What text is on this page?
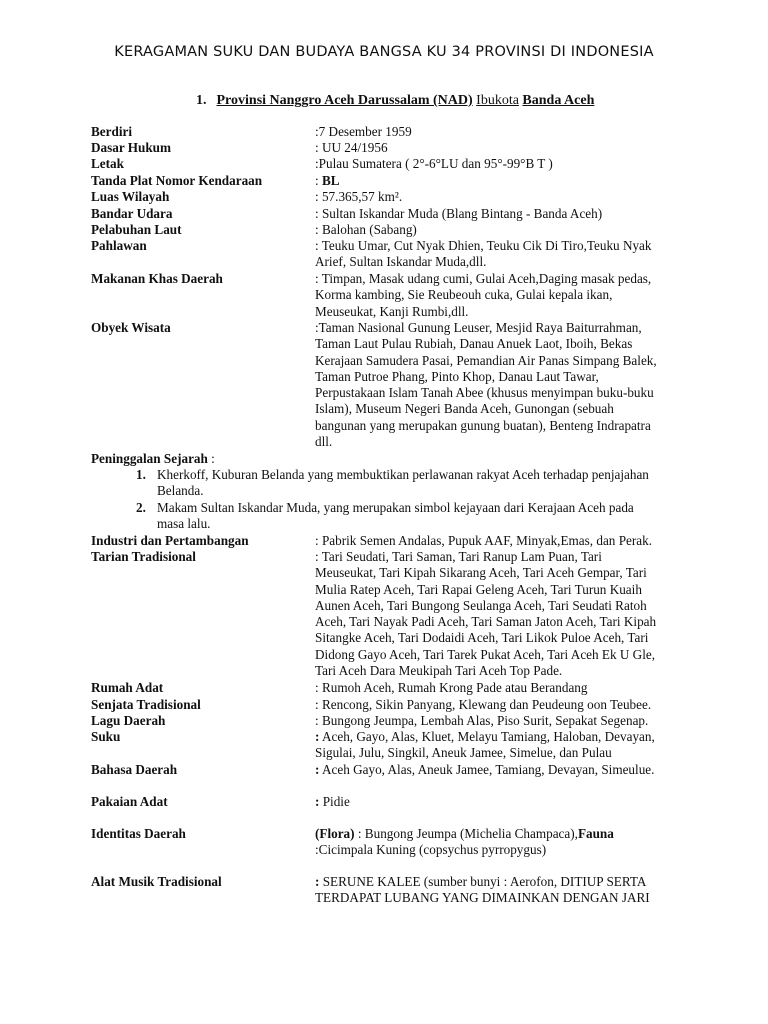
KERAGAMAN SUKU DAN BUDAYA BANGSA KU 34 PROVINSI DI INDONESIA
1. Provinsi Nanggro Aceh Darussalam (NAD) Ibukota Banda Aceh
Berdiri	:7 Desember 1959
Dasar Hukum	: UU 24/1956
Letak	:Pulau Sumatera ( 2°-6°LU dan 95°-99°B T )
Tanda Plat Nomor Kendaraan	: BL
Luas Wilayah	: 57.365,57 km².
Bandar Udara	: Sultan Iskandar Muda (Blang Bintang - Banda Aceh)
Pelabuhan Laut	: Balohan (Sabang)
Pahlawan	: Teuku Umar, Cut Nyak Dhien, Teuku Cik Di Tiro,Teuku Nyak
Arief, Sultan Iskandar Muda,dll.
Makanan Khas Daerah	: Timpan, Masak udang cumi, Gulai Aceh,Daging masak pedas,
Korma kambing, Sie Reubeouh cuka, Gulai kepala ikan,
Meuseukat, Kanji Rumbi,dll.
Obyek Wisata	:Taman Nasional Gunung Leuser, Mesjid Raya Baiturrahman,
Taman Laut Pulau Rubiah, Danau Anuek Laot, Iboih, Bekas
Kerajaan Samudera Pasai, Pemandian Air Panas Simpang Balek,
Taman Putroe Phang, Pinto Khop, Danau Laut Tawar,
Perpustakaan Islam Tanah Abee (khusus menyimpan buku-buku
Islam), Museum Negeri Banda Aceh, Gunongan (sebuah
bangunan yang merupakan gunung buatan), Benteng Indrapatra
dll.
Peninggalan Sejarah :
1. Kherkoff, Kuburan Belanda yang membuktikan perlawanan rakyat Aceh terhadap penjajahan
Belanda.
2. Makam Sultan Iskandar Muda, yang merupakan simbol kejayaan dari Kerajaan Aceh pada
masa lalu.
Industri dan Pertambangan	: Pabrik Semen Andalas, Pupuk AAF, Minyak,Emas, dan Perak.
Tarian Tradisional	: Tari Seudati, Tari Saman, Tari Ranup Lam Puan, Tari
Meuseukat, Tari Kipah Sikarang Aceh, Tari Aceh Gempar, Tari
Mulia Ratep Aceh, Tari Rapai Geleng Aceh, Tari Turun Kuaih
Aunen Aceh, Tari Bungong Seulanga Aceh, Tari Seudati Ratoh
Aceh, Tari Nayak Padi Aceh, Tari Saman Jaton Aceh, Tari Kipah
Sitangke Aceh, Tari Dodaidi Aceh, Tari Likok Puloe Aceh, Tari
Didong Gayo Aceh, Tari Tarek Pukat Aceh, Tari Aceh Ek U Gle,
Tari Aceh Dara Meukipah Tari Aceh Top Pade.
Rumah Adat	: Rumoh Aceh, Rumah Krong Pade atau Berandang
Senjata Tradisional	: Rencong, Sikin Panyang, Klewang dan Peudeung oon Teubee.
Lagu Daerah	: Bungong Jeumpa, Lembah Alas, Piso Surit, Sepakat Segenap.
Suku	: Aceh, Gayo, Alas, Kluet, Melayu Tamiang, Haloban, Devayan,
Sigulai, Julu, Singkil, Aneuk Jamee, Simelue, dan Pulau
Bahasa Daerah	: Aceh Gayo, Alas, Aneuk Jamee, Tamiang, Devayan, Simeulue.
Pakaian Adat	: Pidie
Identitas Daerah	(Flora) : Bungong Jeumpa (Michelia Champaca),Fauna
:Cicimpala Kuning (copsychus pyrropygus)
Alat Musik Tradisional	: SERUNE KALEE (sumber bunyi : Aerofon, DITIUP SERTA
TERDAPAT LUBANG YANG DIMAINKAN DENGAN JARI
